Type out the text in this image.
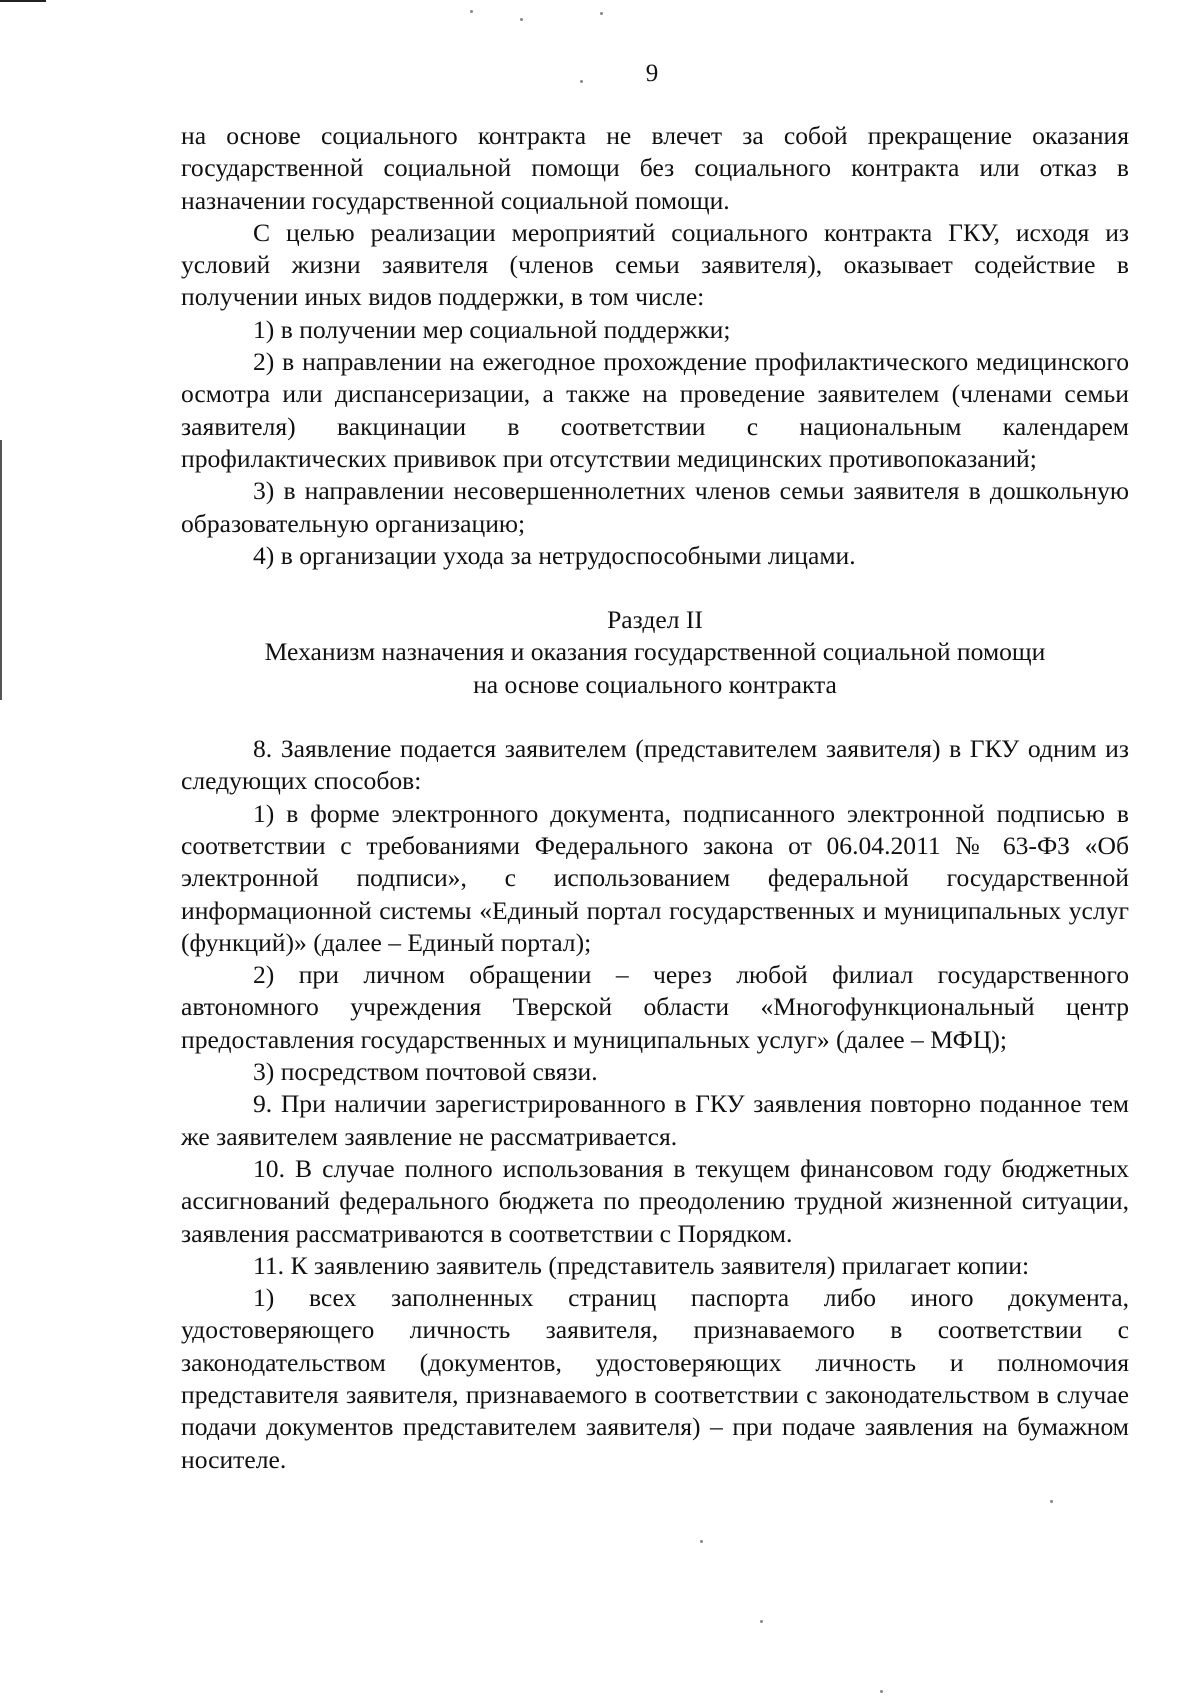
9

на основе социального контракта не влечет за собой прекращение оказания государственной социальной помощи без социального контракта или отказ в назначении государственной социальной помощи.

С целью реализации мероприятий социального контракта ГКУ, исходя из условий жизни заявителя (членов семьи заявителя), оказывает содействие в получении иных видов поддержки, в том числе:

1) в получении мер социальной поддержки;

2) в направлении на ежегодное прохождение профилактического медицинского осмотра или диспансеризации, а также на проведение заявителем (членами семьи заявителя) вакцинации в соответствии с национальным календарем профилактических прививок при отсутствии медицинских противопоказаний;

3) в направлении несовершеннолетних членов семьи заявителя в дошкольную образовательную организацию;

4) в организации ухода за нетрудоспособными лицами.

Раздел II

Механизм назначения и оказания государственной социальной помощи

на основе социального контракта

8. Заявление подается заявителем (представителем заявителя) в ГКУ одним из следующих способов:

1) в форме электронного документа, подписанного электронной подписью в соответствии с требованиями Федерального закона от 06.04.2011 № 63-ФЗ «Об электронной подписи», с использованием федеральной государственной информационной системы «Единый портал государственных и муниципальных услуг (функций)» (далее – Единый портал);

2) при личном обращении – через любой филиал государственного автономного учреждения Тверской области «Многофункциональный центр предоставления государственных и муниципальных услуг» (далее – МФЦ);

3) посредством почтовой связи.

9. При наличии зарегистрированного в ГКУ заявления повторно поданное тем же заявителем заявление не рассматривается.

10. В случае полного использования в текущем финансовом году бюджетных ассигнований федерального бюджета по преодолению трудной жизненной ситуации, заявления рассматриваются в соответствии с Порядком.

11. К заявлению заявитель (представитель заявителя) прилагает копии:

1) всех заполненных страниц паспорта либо иного документа, удостоверяющего личность заявителя, признаваемого в соответствии с законодательством (документов, удостоверяющих личность и полномочия представителя заявителя, признаваемого в соответствии с законодательством в случае подачи документов представителем заявителя) – при подаче заявления на бумажном носителе.
